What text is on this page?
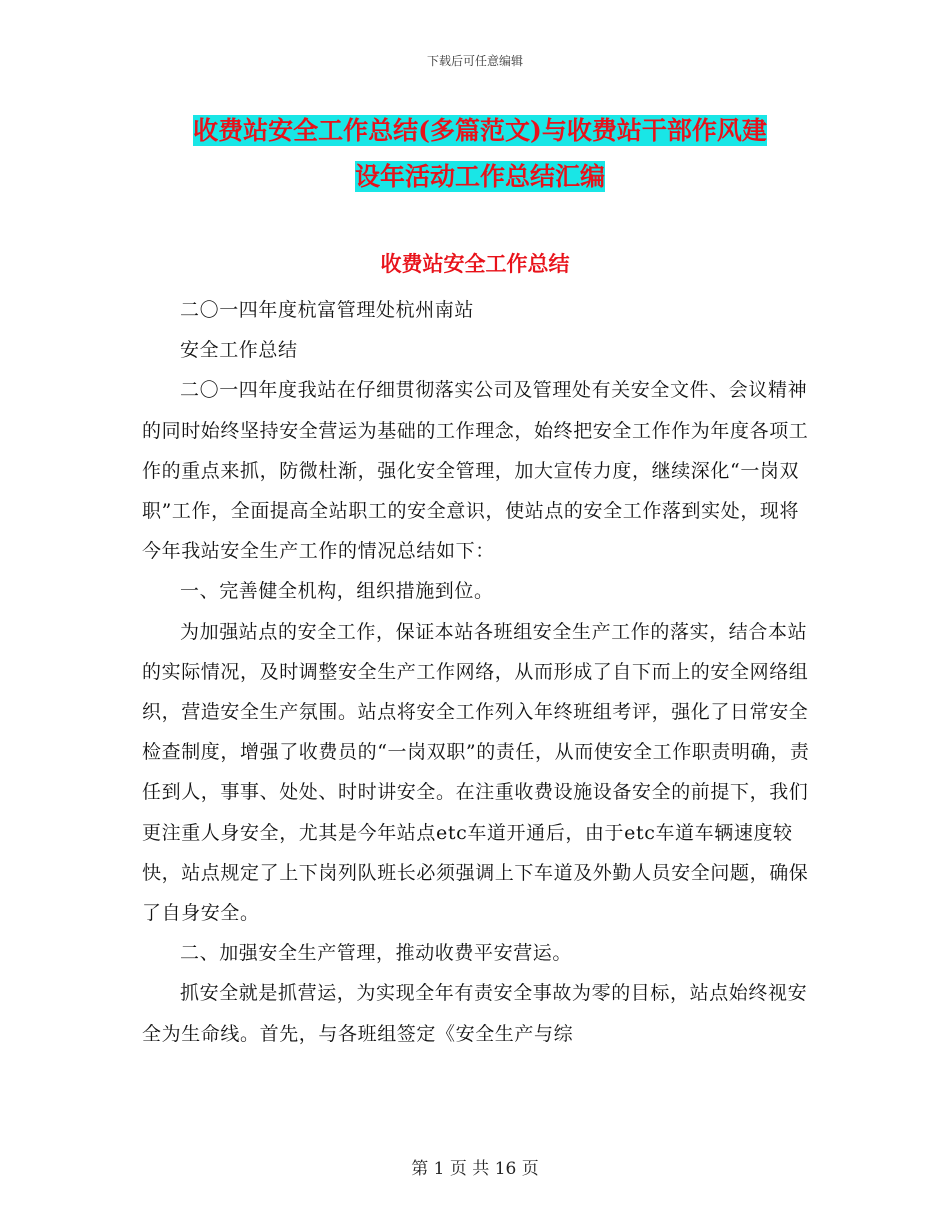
下载后可任意编辑
收费站安全工作总结(多篇范文)与收费站干部作风建
设年活动工作总结汇编
收费站安全工作总结

二〇一四年度杭富管理处杭州南站

安全工作总结

二〇一四年度我站在仔细贯彻落实公司及管理处有关安全文件、会议精神的同时始终坚持安全营运为基础的工作理念，始终把安全工作作为年度各项工作的重点来抓，防微杜渐，强化安全管理，加大宣传力度，继续深化“一岗双职”工作，全面提高全站职工的安全意识，使站点的安全工作落到实处，现将今年我站安全生产工作的情况总结如下：

一、完善健全机构，组织措施到位。

为加强站点的安全工作，保证本站各班组安全生产工作的落实，结合本站的实际情况，及时调整安全生产工作网络，从而形成了自下而上的安全网络组织，营造安全生产氛围。站点将安全工作列入年终班组考评，强化了日常安全检查制度，增强了收费员的“一岗双职”的责任，从而使安全工作职责明确，责任到人，事事、处处、时时讲安全。在注重收费设施设备安全的前提下，我们更注重人身安全，尤其是今年站点etc车道开通后，由于etc车道车辆速度较快，站点规定了上下岗列队班长必须强调上下车道及外勤人员安全问题，确保了自身安全。

二、加强安全生产管理，推动收费平安营运。

抓安全就是抓营运，为实现全年有责安全事故为零的目标，站点始终视安全为生命线。首先，与各班组签定《安全生产与综

第 1 页 共 16 页
